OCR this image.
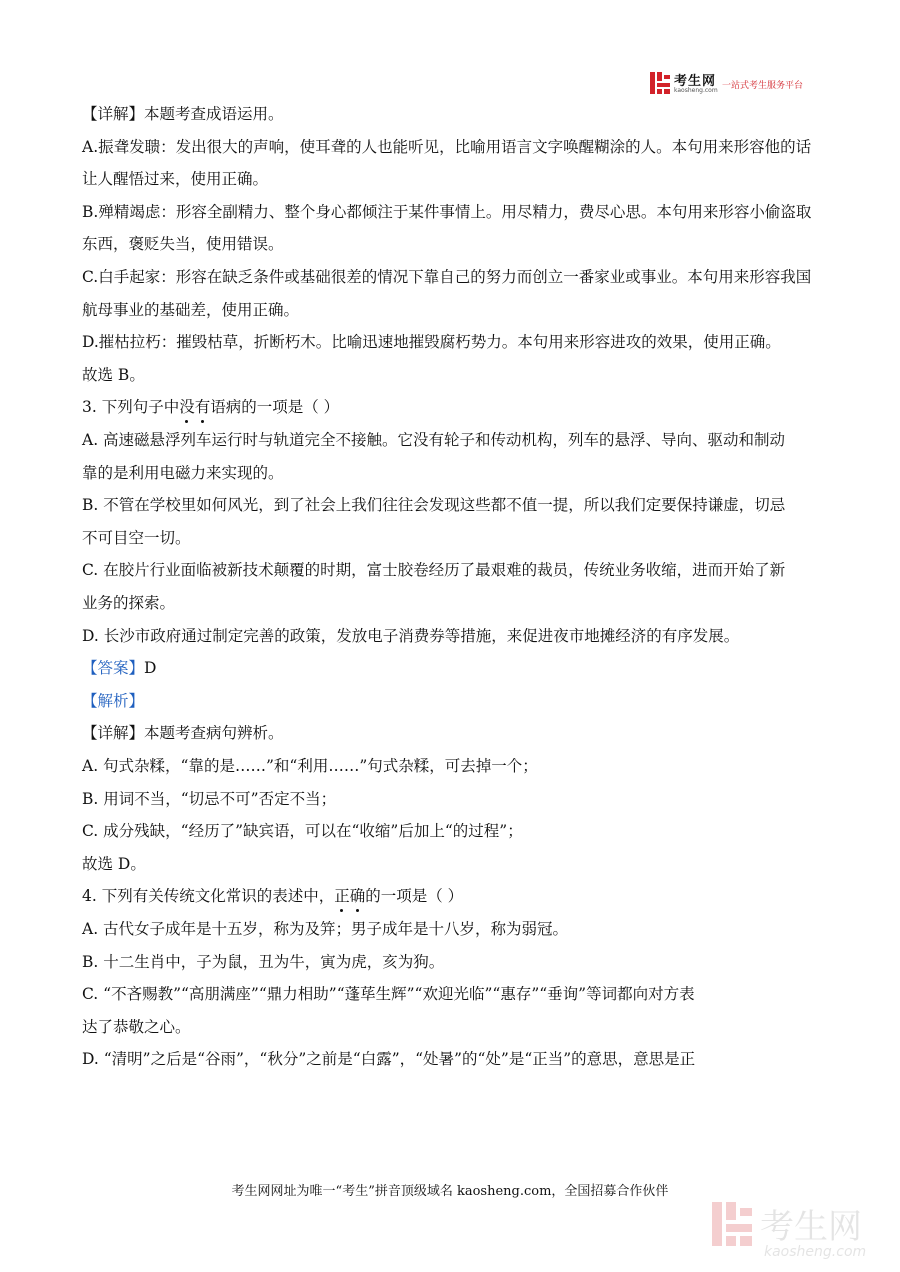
考生网
kaosheng.com 一站式考生服务平台
【详解】本题考查成语运用。
A.振聋发聩：发出很大的声响，使耳聋的人也能听见，比喻用语言文字唤醒糊涂的人。本句用来形容他的话
让人醒悟过来，使用正确。
B.殚精竭虑：形容全副精力、整个身心都倾注于某件事情上。用尽精力，费尽心思。本句用来形容小偷盗取
东西，褒贬失当，使用错误。
C.白手起家：形容在缺乏条件或基础很差的情况下靠自己的努力而创立一番家业或事业。本句用来形容我国
航母事业的基础差，使用正确。
D.摧枯拉朽：摧毁枯草，折断朽木。比喻迅速地摧毁腐朽势力。本句用来形容进攻的效果，使用正确。
故选 B。
3. 下列句子中没有语病的一项是（ ）
A. 高速磁悬浮列车运行时与轨道完全不接触。它没有轮子和传动机构，列车的悬浮、导向、驱动和制动
靠的是利用电磁力来实现的。
B. 不管在学校里如何风光，到了社会上我们往往会发现这些都不值一提，所以我们定要保持谦虚，切忌
不可目空一切。
C. 在胶片行业面临被新技术颠覆的时期，富士胶卷经历了最艰难的裁员，传统业务收缩，进而开始了新
业务的探索。
D. 长沙市政府通过制定完善的政策，发放电子消费券等措施，来促进夜市地摊经济的有序发展。
【答案】D
【解析】
【详解】本题考查病句辨析。
A. 句式杂糅，“靠的是……”和“利用……”句式杂糅，可去掉一个；
B. 用词不当，“切忌不可”否定不当；
C. 成分残缺，“经历了”缺宾语，可以在“收缩”后加上“的过程”；
故选 D。
4. 下列有关传统文化常识的表述中，正确的一项是（ ）
A. 古代女子成年是十五岁，称为及笄；男子成年是十八岁，称为弱冠。
B. 十二生肖中，子为鼠，丑为牛，寅为虎，亥为狗。
C. “不吝赐教”“高朋满座”“鼎力相助”“蓬荜生辉”“欢迎光临”“惠存”“垂询”等词都向对方表
达了恭敬之心。
D. “清明”之后是“谷雨”，“秋分”之前是“白露”，“处暑”的“处”是“正当”的意思，意思是正
考生网网址为唯一“考生”拼音顶级域名 kaosheng.com，全国招募合作伙伴
考生网
kaosheng.com
